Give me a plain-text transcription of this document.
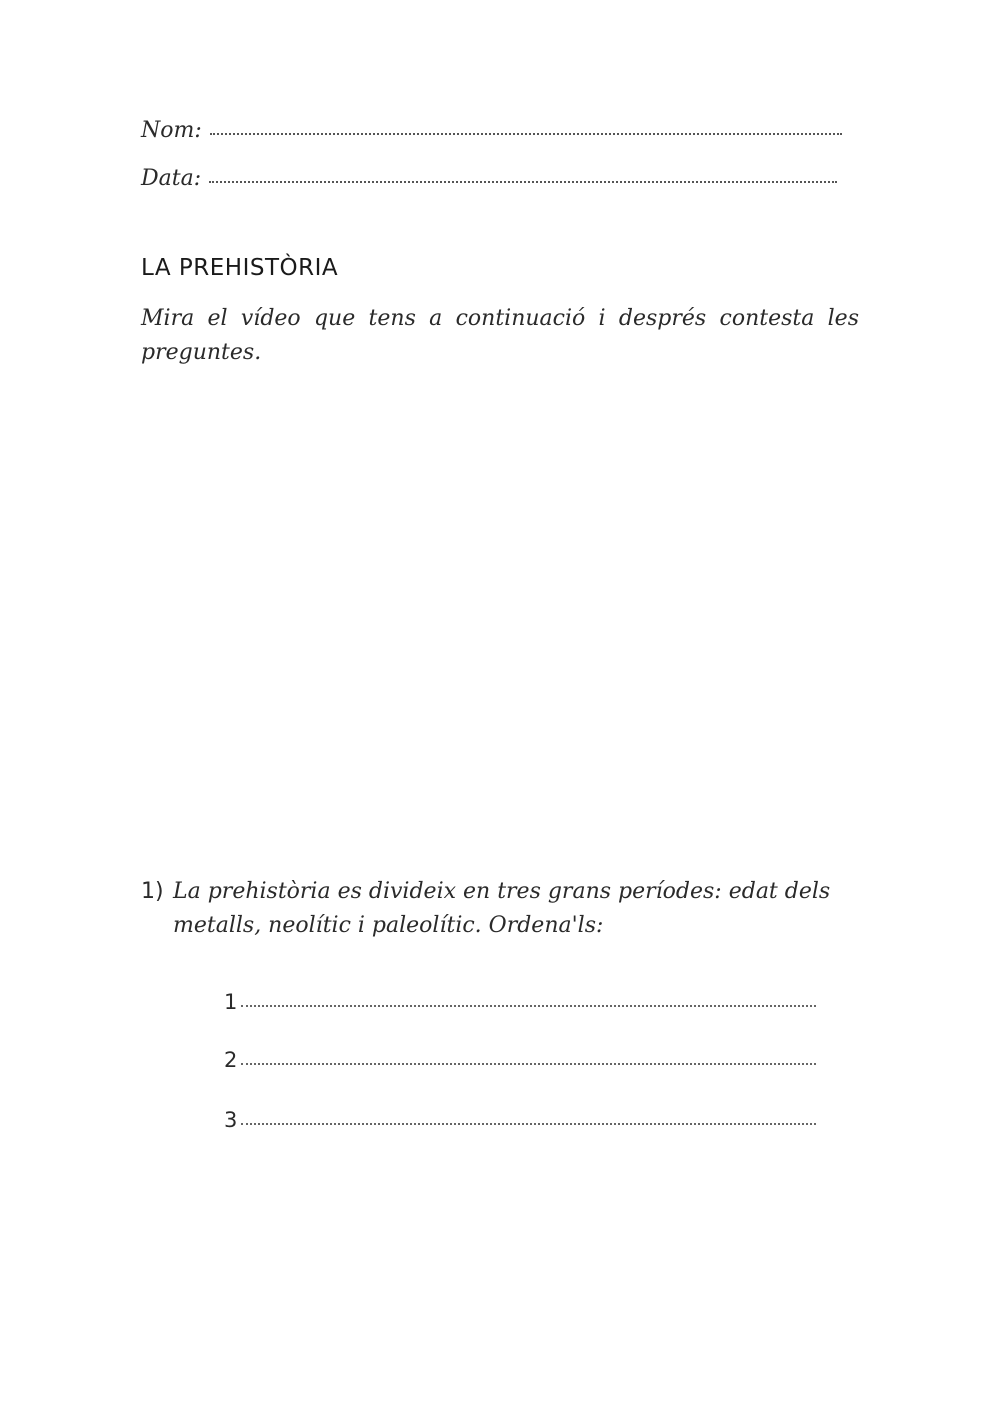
Nom:
Data:
LA PREHISTÒRIA

Mira el vídeo que tens a continuació i després contesta les preguntes.

1) La prehistòria es divideix en tres grans períodes: edat dels metalls, neolític i paleolític. Ordena'ls:

1
2
3
